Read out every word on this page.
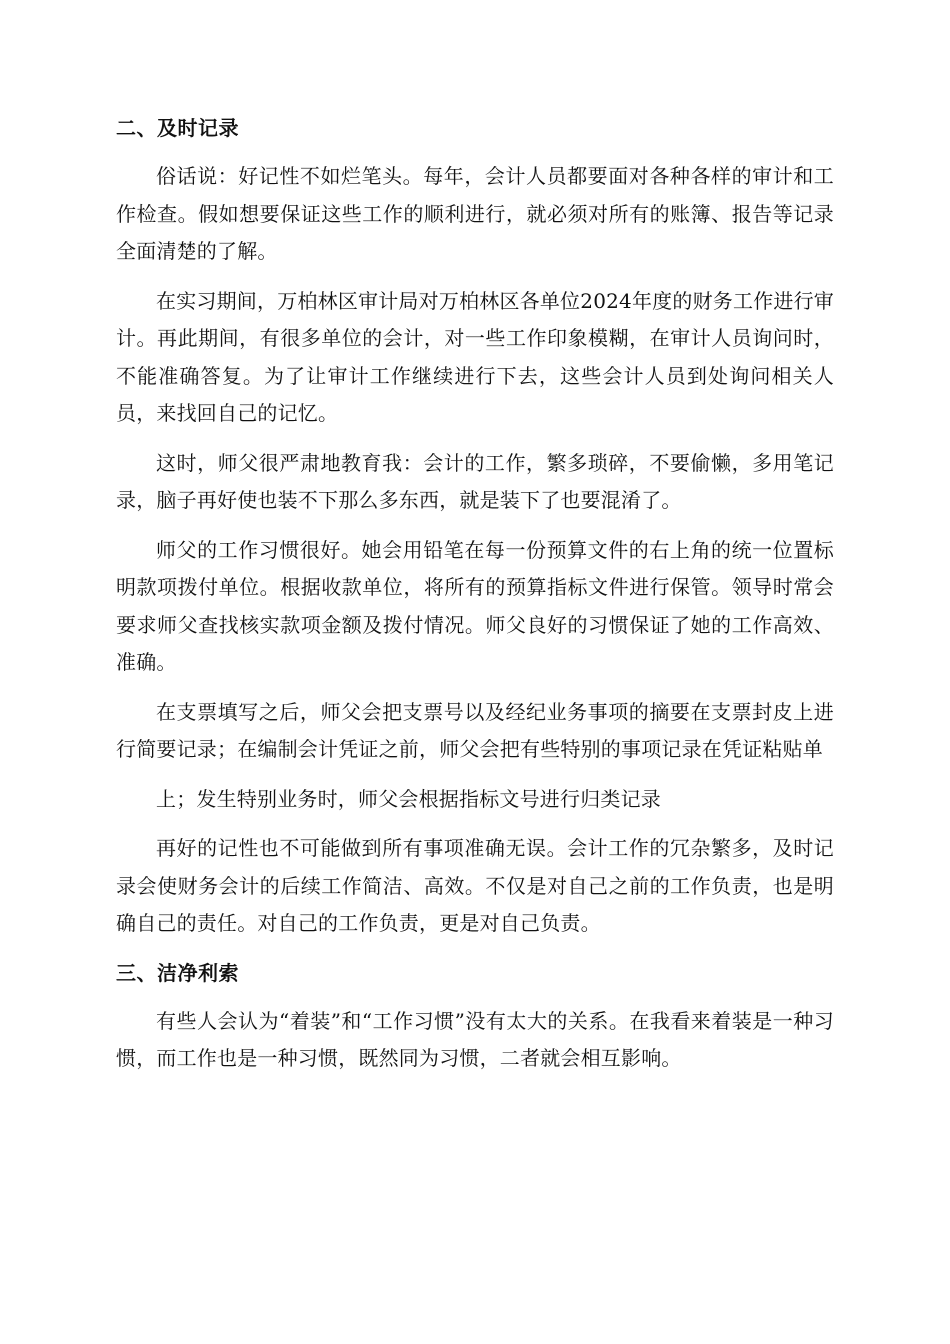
二、及时记录

俗话说：好记性不如烂笔头。每年，会计人员都要面对各种各样的审计和工作检查。假如想要保证这些工作的顺利进行，就必须对所有的账簿、报告等记录全面清楚的了解。

在实习期间，万柏林区审计局对万柏林区各单位2024年度的财务工作进行审计。再此期间，有很多单位的会计，对一些工作印象模糊，在审计人员询问时，不能准确答复。为了让审计工作继续进行下去，这些会计人员到处询问相关人员，来找回自己的记忆。

这时，师父很严肃地教育我：会计的工作，繁多琐碎，不要偷懒，多用笔记录，脑子再好使也装不下那么多东西，就是装下了也要混淆了。

师父的工作习惯很好。她会用铅笔在每一份预算文件的右上角的统一位置标明款项拨付单位。根据收款单位，将所有的预算指标文件进行保管。领导时常会要求师父查找核实款项金额及拨付情况。师父良好的习惯保证了她的工作高效、准确。

在支票填写之后，师父会把支票号以及经纪业务事项的摘要在支票封皮上进行简要记录；在编制会计凭证之前，师父会把有些特别的事项记录在凭证粘贴单

上；发生特别业务时，师父会根据指标文号进行归类记录

再好的记性也不可能做到所有事项准确无误。会计工作的冗杂繁多，及时记录会使财务会计的后续工作简洁、高效。不仅是对自己之前的工作负责，也是明确自己的责任。对自己的工作负责，更是对自己负责。

三、洁净利索

有些人会认为“着装”和“工作习惯”没有太大的关系。在我看来着装是一种习惯，而工作也是一种习惯，既然同为习惯，二者就会相互影响。
